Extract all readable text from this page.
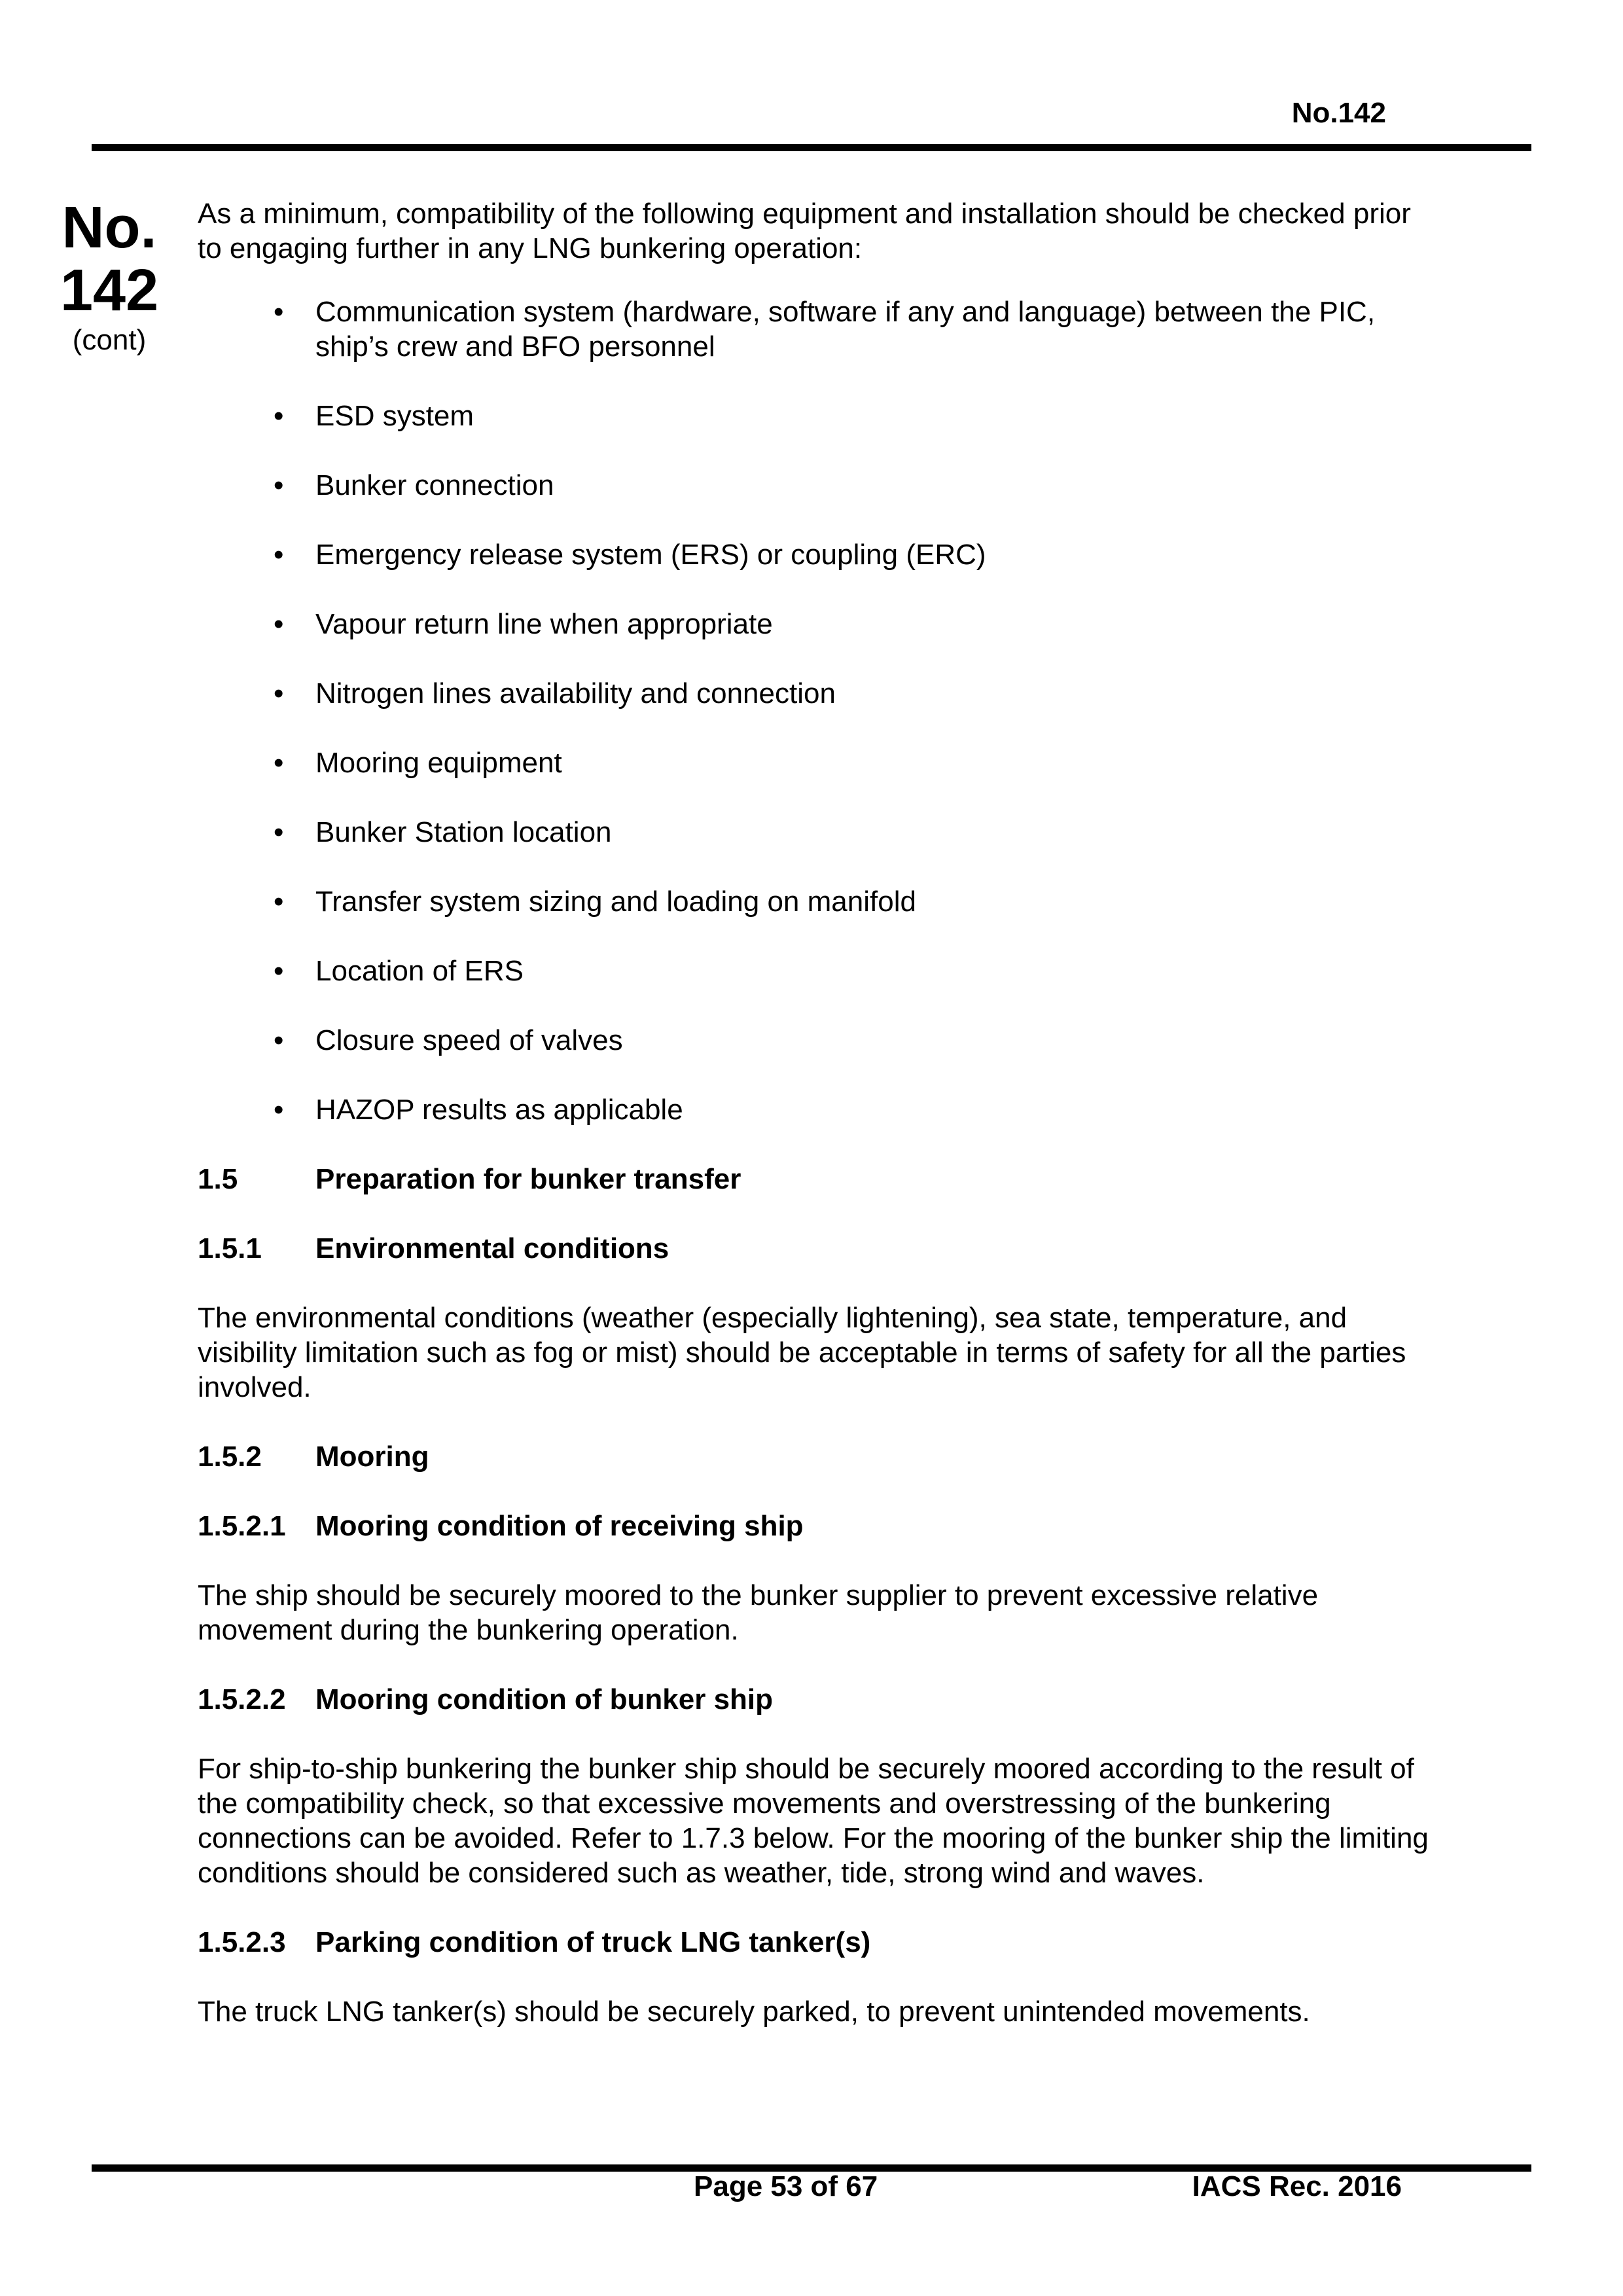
No.142
No.
142
(cont)

As a minimum, compatibility of the following equipment and installation should be checked prior to engaging further in any LNG bunkering operation:

• Communication system (hardware, software if any and language) between the PIC, ship’s crew and BFO personnel
• ESD system
• Bunker connection
• Emergency release system (ERS) or coupling (ERC)
• Vapour return line when appropriate
• Nitrogen lines availability and connection
• Mooring equipment
• Bunker Station location
• Transfer system sizing and loading on manifold
• Location of ERS
• Closure speed of valves
• HAZOP results as applicable
1.5	Preparation for bunker transfer
1.5.1	Environmental conditions

The environmental conditions (weather (especially lightening), sea state, temperature, and visibility limitation such as fog or mist) should be acceptable in terms of safety for all the parties involved.

1.5.2	Mooring
1.5.2.1	Mooring condition of receiving ship

The ship should be securely moored to the bunker supplier to prevent excessive relative movement during the bunkering operation.

1.5.2.2	Mooring condition of bunker ship

For ship-to-ship bunkering the bunker ship should be securely moored according to the result of the compatibility check, so that excessive movements and overstressing of the bunkering connections can be avoided. Refer to 1.7.3 below. For the mooring of the bunker ship the limiting conditions should be considered such as weather, tide, strong wind and waves.

1.5.2.3	Parking condition of truck LNG tanker(s)

The truck LNG tanker(s) should be securely parked, to prevent unintended movements.

Page 53 of 67	IACS Rec. 2016
